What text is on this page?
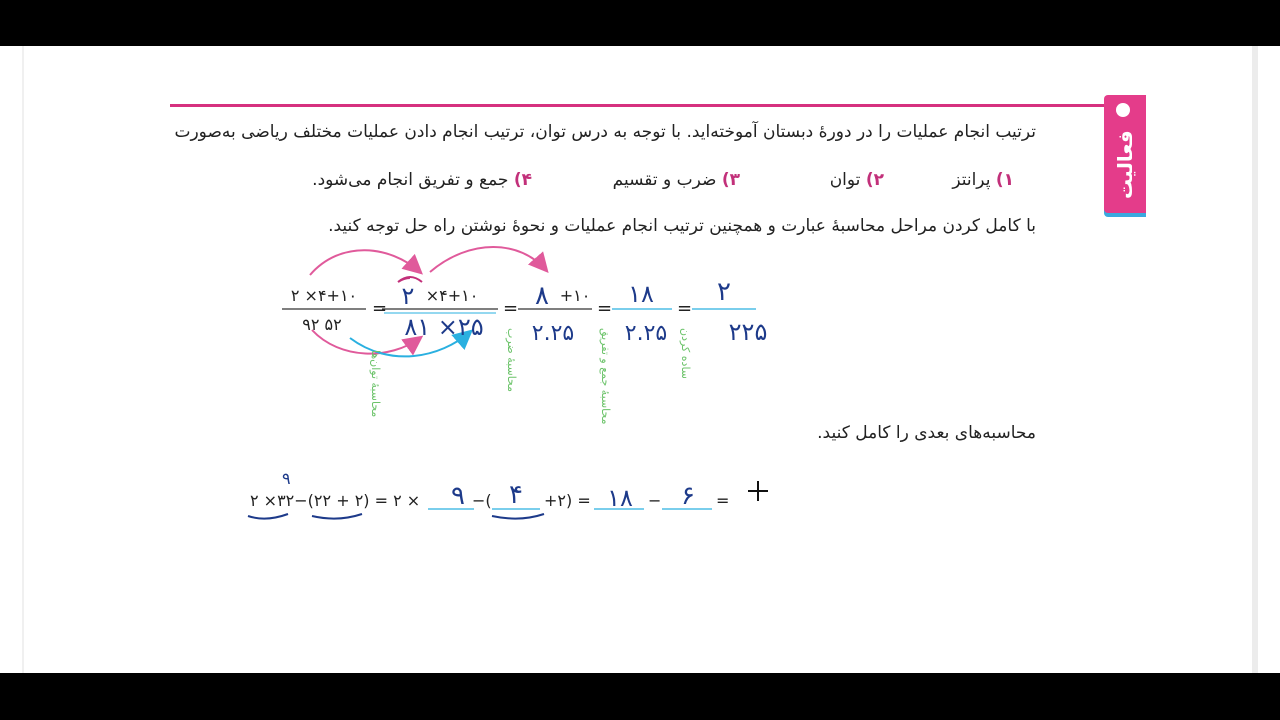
فعالیت
ترتیب انجام عملیات را در دورهٔ دبستان آموخته‌اید. با توجه به درس توان، ترتیب انجام دادن عملیات مختلف ریاضی به‌صورت
۱) پرانتز
۲) توان
۳) ضرب و تقسیم
۴) جمع و تفریق انجام می‌شود.
با کامل کردن مراحل محاسبهٔ عبارت و همچنین ترتیب انجام عملیات و نحوهٔ نوشتن راه حل توجه کنید.
۲ ×۴+۱۰
۹۲ ۵۲
= ۲ ×۴+۱۰
۸۱ ×۲۵
= ۸ +۱۰
۲.۲۵
=
۱۸
۲.۲۵
=
۲
۲۲۵
محاسبهٔ توان‌ها	محاسبهٔ ضرب	محاسبهٔ جمع و تفریق	ساده کردن
۲ ×۳۲−(۲۲ + ۲) = ۲ ×
۹
۹ −( ۴ +۲) = ۱۸ − ۶ =
محاسبه‌های بعدی را کامل کنید.
